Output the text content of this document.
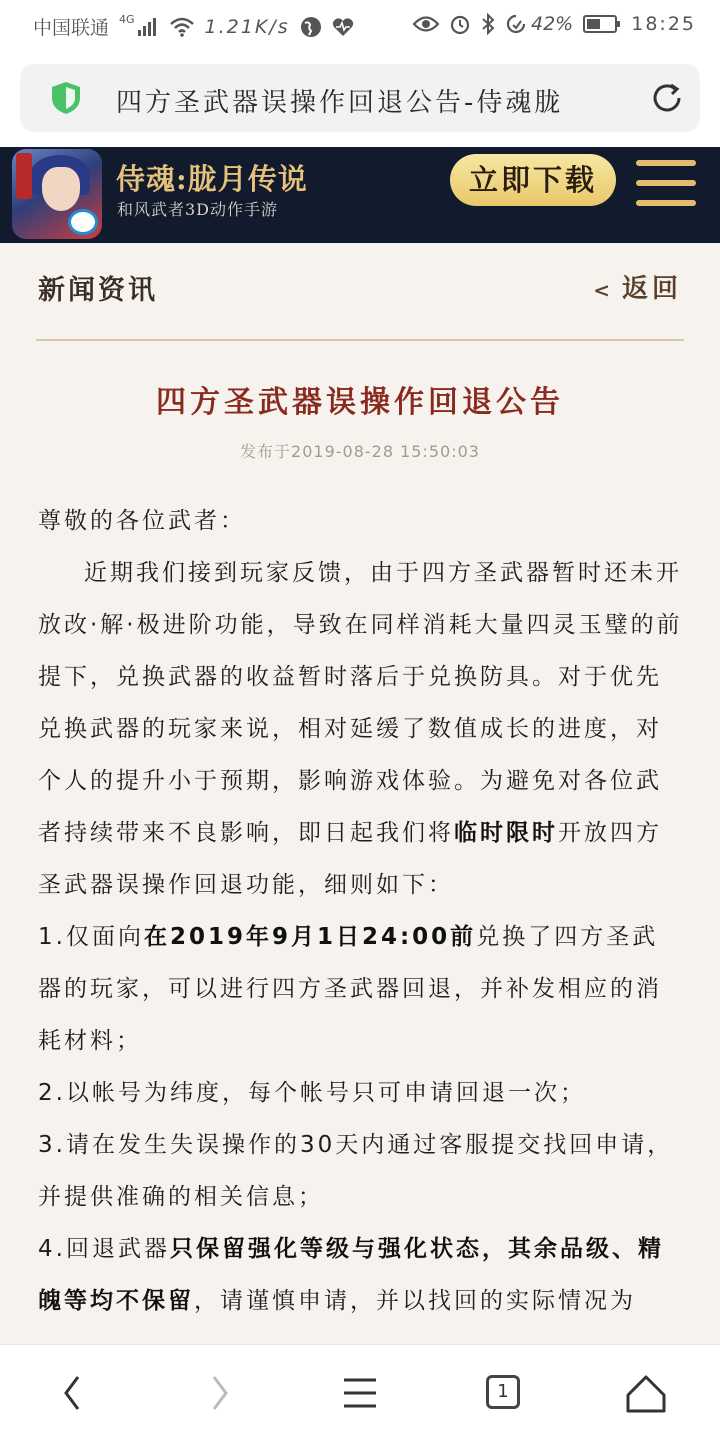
中国联通 4G	1.21K/s	42%	18:25
四方圣武器误操作回退公告-侍魂胧
侍魂:胧月传说
和风武者3D动作手游
立即下载
新闻资讯	< 返回
四方圣武器误操作回退公告
发布于2019-08-28 15:50:03

尊敬的各位武者：

近期我们接到玩家反馈，由于四方圣武器暂时还未开放改·解·极进阶功能，导致在同样消耗大量四灵玉璧的前提下，兑换武器的收益暂时落后于兑换防具。对于优先兑换武器的玩家来说，相对延缓了数值成长的进度，对个人的提升小于预期，影响游戏体验。为避免对各位武者持续带来不良影响，即日起我们将临时限时开放四方圣武器误操作回退功能，细则如下：

1.仅面向在2019年9月1日24:00前兑换了四方圣武器的玩家，可以进行四方圣武器回退，并补发相应的消耗材料；

2.以帐号为纬度，每个帐号只可申请回退一次；

3.请在发生失误操作的30天内通过客服提交找回申请，并提供准确的相关信息；

4.回退武器只保留强化等级与强化状态，其余品级、精魄等均不保留，请谨慎申请，并以找回的实际情况为

1
